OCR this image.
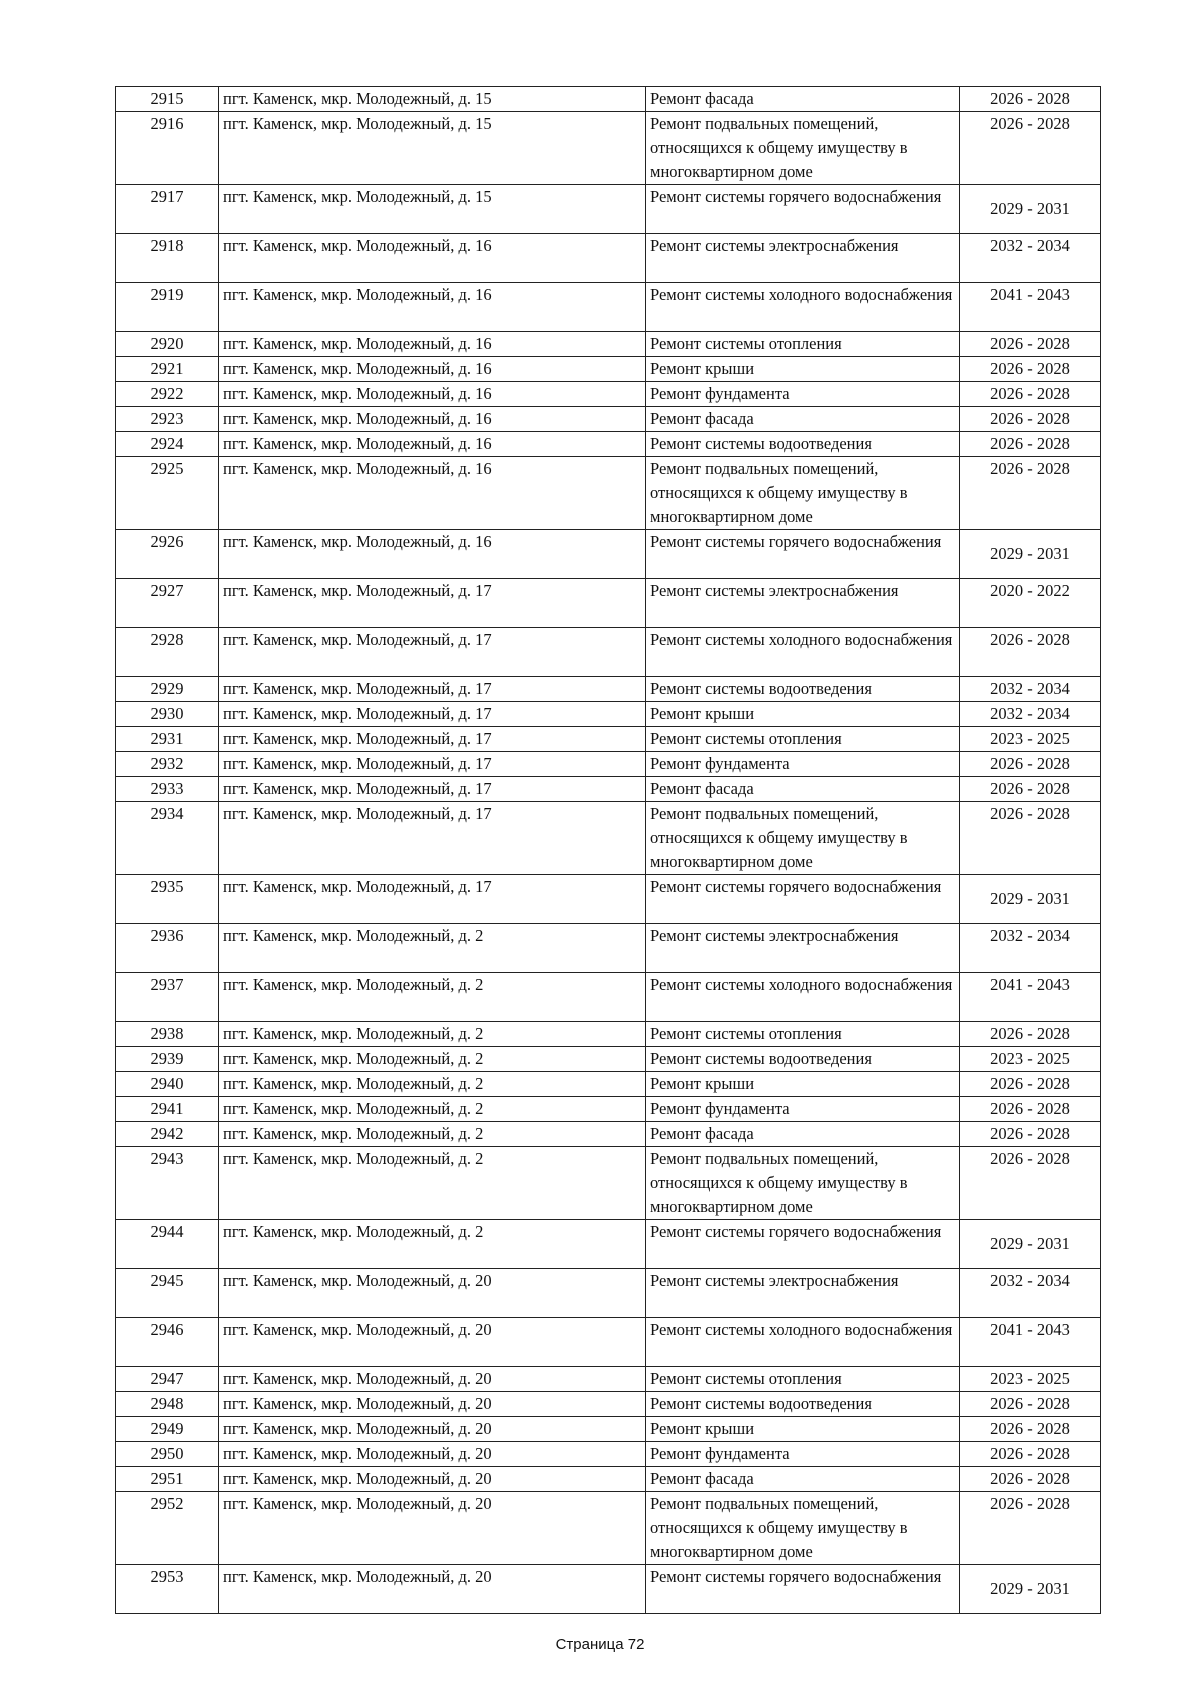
2915	пгт. Каменск, мкр. Молодежный, д. 15	Ремонт фасада	2026 - 2028
2916	пгт. Каменск, мкр. Молодежный, д. 15	Ремонт подвальных помещений, относящихся к общему имуществу в многоквартирном доме	2026 - 2028
2917	пгт. Каменск, мкр. Молодежный, д. 15	Ремонт системы горячего водоснабжения	2029 - 2031
2918	пгт. Каменск, мкр. Молодежный, д. 16	Ремонт системы электроснабжения	2032 - 2034
2919	пгт. Каменск, мкр. Молодежный, д. 16	Ремонт системы холодного водоснабжения	2041 - 2043
2920	пгт. Каменск, мкр. Молодежный, д. 16	Ремонт системы отопления	2026 - 2028
2921	пгт. Каменск, мкр. Молодежный, д. 16	Ремонт крыши	2026 - 2028
2922	пгт. Каменск, мкр. Молодежный, д. 16	Ремонт фундамента	2026 - 2028
2923	пгт. Каменск, мкр. Молодежный, д. 16	Ремонт фасада	2026 - 2028
2924	пгт. Каменск, мкр. Молодежный, д. 16	Ремонт системы водоотведения	2026 - 2028
2925	пгт. Каменск, мкр. Молодежный, д. 16	Ремонт подвальных помещений, относящихся к общему имуществу в многоквартирном доме	2026 - 2028
2926	пгт. Каменск, мкр. Молодежный, д. 16	Ремонт системы горячего водоснабжения	2029 - 2031
2927	пгт. Каменск, мкр. Молодежный, д. 17	Ремонт системы электроснабжения	2020 - 2022
2928	пгт. Каменск, мкр. Молодежный, д. 17	Ремонт системы холодного водоснабжения	2026 - 2028
2929	пгт. Каменск, мкр. Молодежный, д. 17	Ремонт системы водоотведения	2032 - 2034
2930	пгт. Каменск, мкр. Молодежный, д. 17	Ремонт крыши	2032 - 2034
2931	пгт. Каменск, мкр. Молодежный, д. 17	Ремонт системы отопления	2023 - 2025
2932	пгт. Каменск, мкр. Молодежный, д. 17	Ремонт фундамента	2026 - 2028
2933	пгт. Каменск, мкр. Молодежный, д. 17	Ремонт фасада	2026 - 2028
2934	пгт. Каменск, мкр. Молодежный, д. 17	Ремонт подвальных помещений, относящихся к общему имуществу в многоквартирном доме	2026 - 2028
2935	пгт. Каменск, мкр. Молодежный, д. 17	Ремонт системы горячего водоснабжения	2029 - 2031
2936	пгт. Каменск, мкр. Молодежный, д. 2	Ремонт системы электроснабжения	2032 - 2034
2937	пгт. Каменск, мкр. Молодежный, д. 2	Ремонт системы холодного водоснабжения	2041 - 2043
2938	пгт. Каменск, мкр. Молодежный, д. 2	Ремонт системы отопления	2026 - 2028
2939	пгт. Каменск, мкр. Молодежный, д. 2	Ремонт системы водоотведения	2023 - 2025
2940	пгт. Каменск, мкр. Молодежный, д. 2	Ремонт крыши	2026 - 2028
2941	пгт. Каменск, мкр. Молодежный, д. 2	Ремонт фундамента	2026 - 2028
2942	пгт. Каменск, мкр. Молодежный, д. 2	Ремонт фасада	2026 - 2028
2943	пгт. Каменск, мкр. Молодежный, д. 2	Ремонт подвальных помещений, относящихся к общему имуществу в многоквартирном доме	2026 - 2028
2944	пгт. Каменск, мкр. Молодежный, д. 2	Ремонт системы горячего водоснабжения	2029 - 2031
2945	пгт. Каменск, мкр. Молодежный, д. 20	Ремонт системы электроснабжения	2032 - 2034
2946	пгт. Каменск, мкр. Молодежный, д. 20	Ремонт системы холодного водоснабжения	2041 - 2043
2947	пгт. Каменск, мкр. Молодежный, д. 20	Ремонт системы отопления	2023 - 2025
2948	пгт. Каменск, мкр. Молодежный, д. 20	Ремонт системы водоотведения	2026 - 2028
2949	пгт. Каменск, мкр. Молодежный, д. 20	Ремонт крыши	2026 - 2028
2950	пгт. Каменск, мкр. Молодежный, д. 20	Ремонт фундамента	2026 - 2028
2951	пгт. Каменск, мкр. Молодежный, д. 20	Ремонт фасада	2026 - 2028
2952	пгт. Каменск, мкр. Молодежный, д. 20	Ремонт подвальных помещений, относящихся к общему имуществу в многоквартирном доме	2026 - 2028
2953	пгт. Каменск, мкр. Молодежный, д. 20	Ремонт системы горячего водоснабжения	2029 - 2031
Страница 72
